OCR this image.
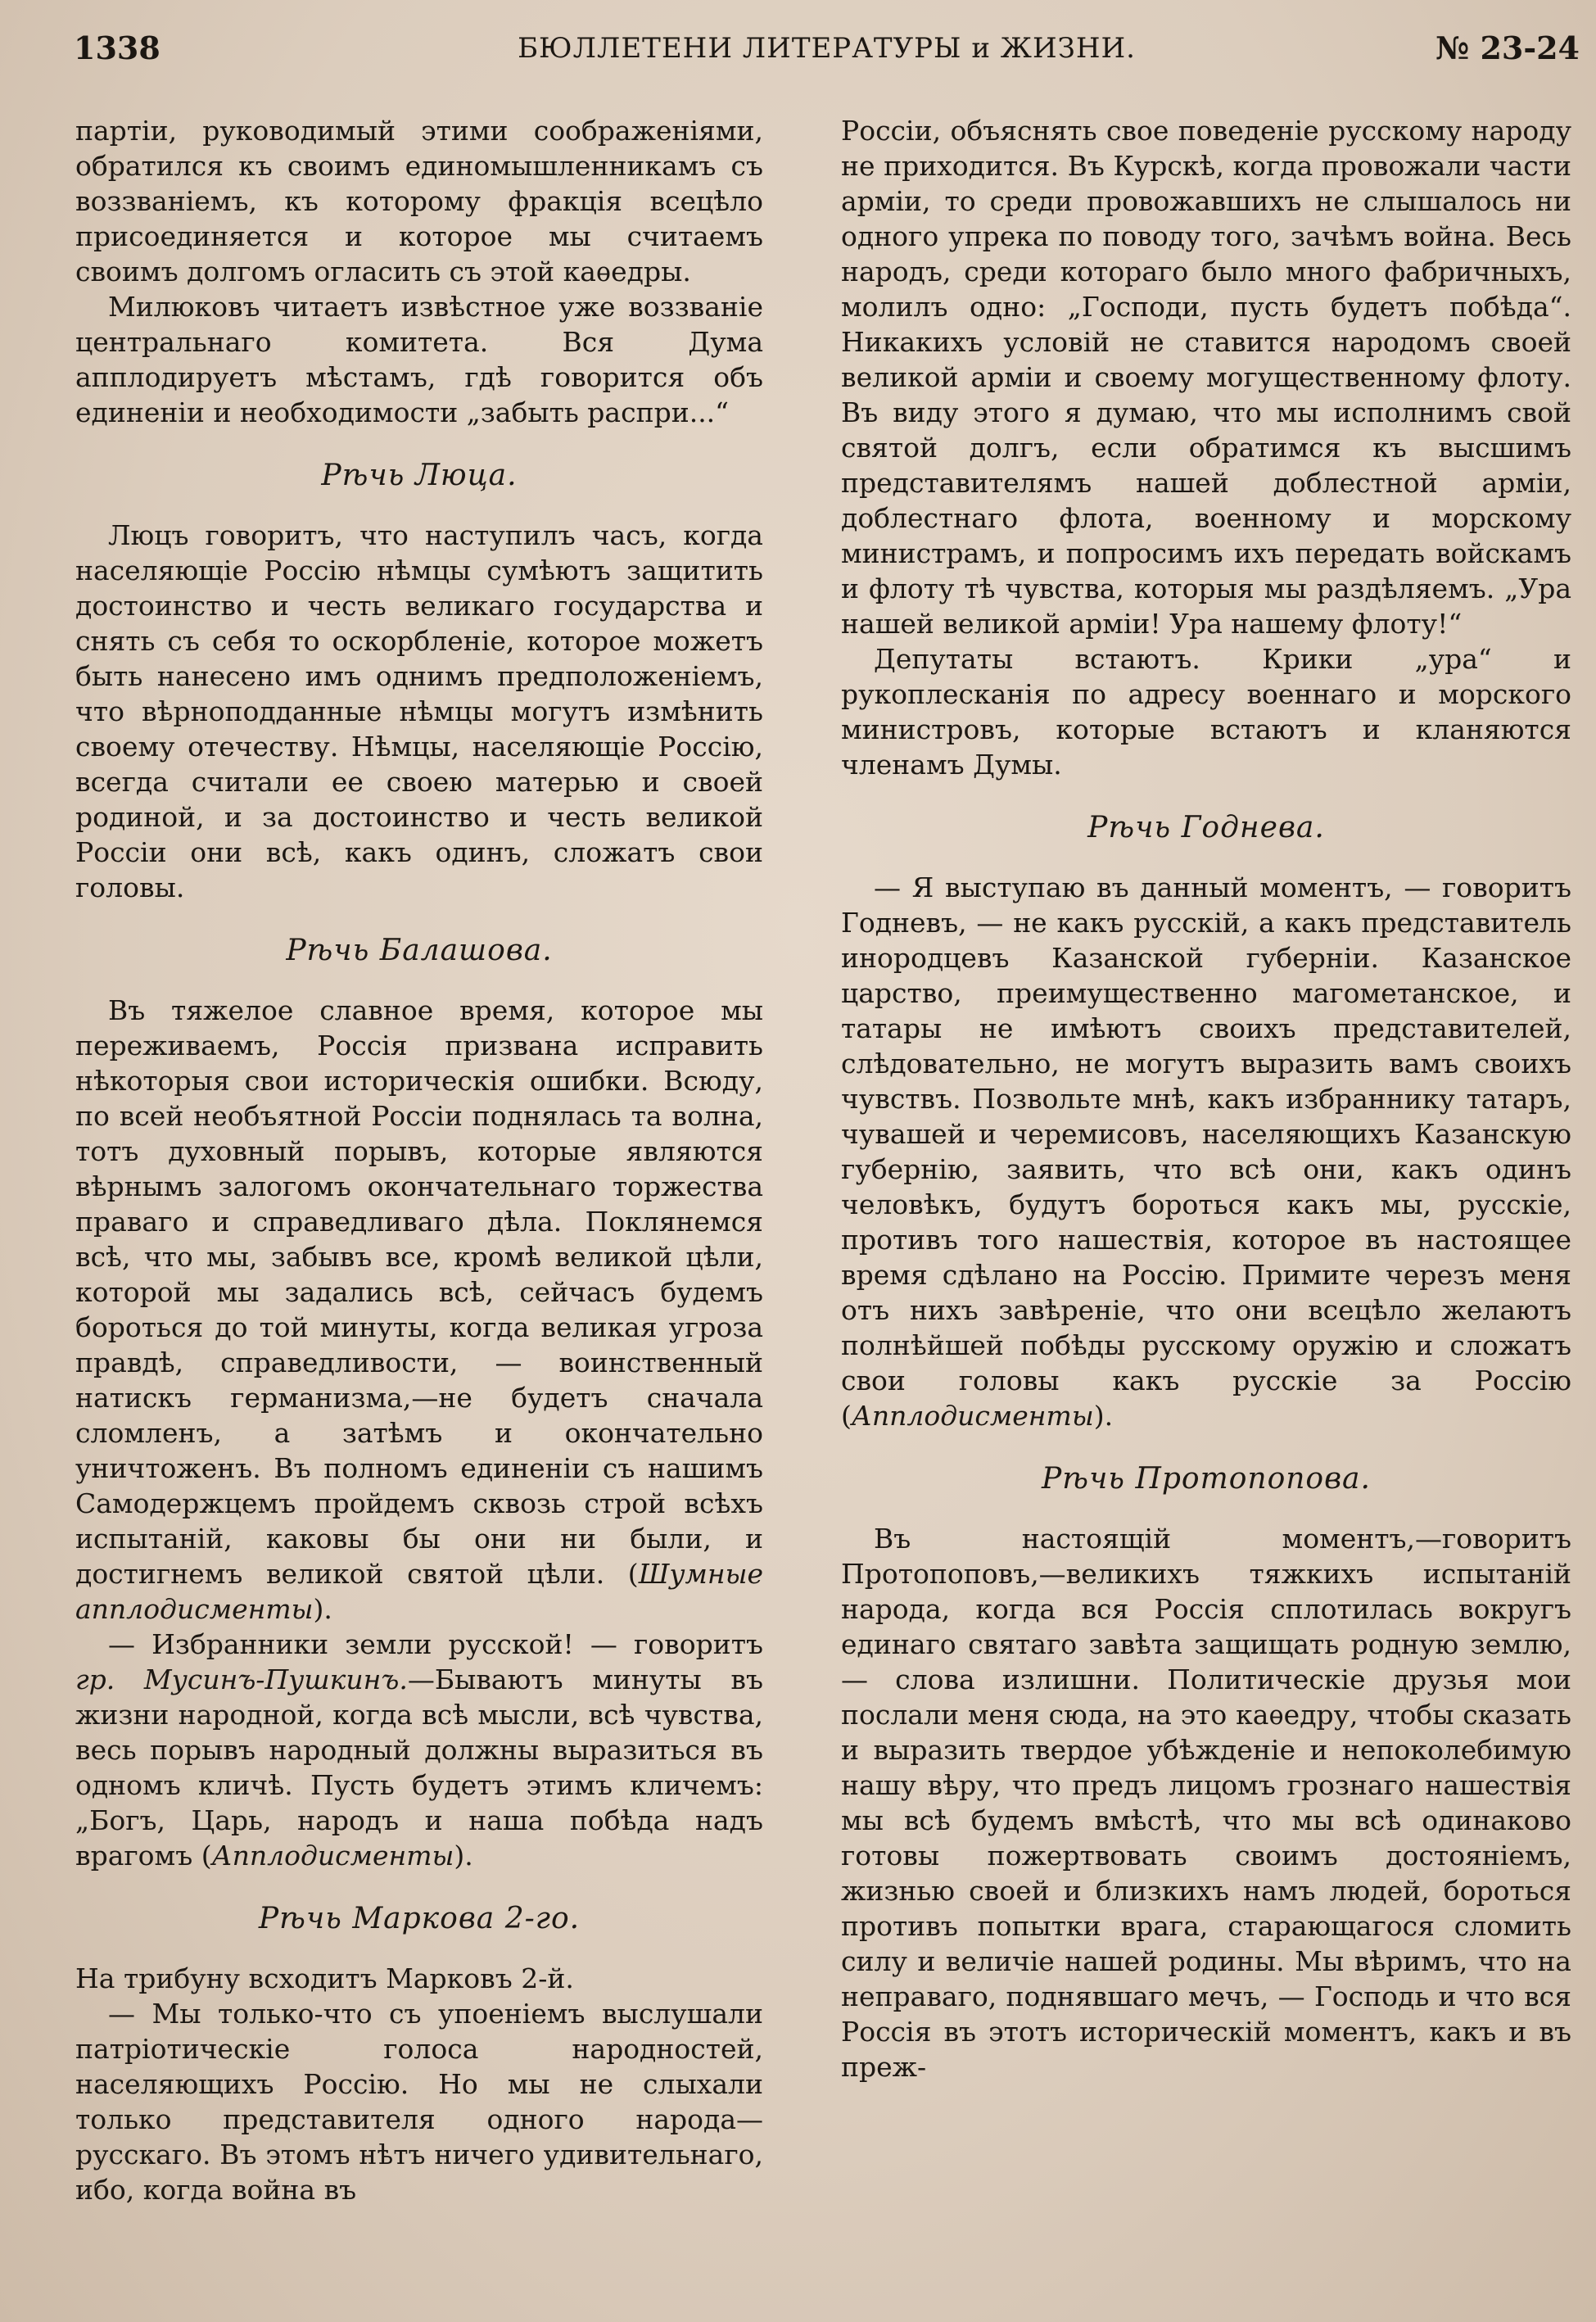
1338	БЮЛЛЕТЕНИ ЛИТЕРАТУРЫ и ЖИЗНИ.	№ 23-24

партіи, руководимый этими соображеніями, обратился къ своимъ единомышленникамъ съ воззваніемъ, къ которому фракція всецѣло присоединяется и которое мы считаемъ своимъ долгомъ огласить съ этой каѳедры.

Милюковъ читаетъ извѣстное уже воззваніе центральнаго комитета. Вся Дума апплодируетъ мѣстамъ, гдѣ говорится объ единеніи и необходимости „забыть распри...“

Рѣчь Люца.

Люцъ говоритъ, что наступилъ часъ, когда населяющіе Россію нѣмцы сумѣютъ защитить достоинство и честь великаго государства и снять съ себя то оскорбленіе, которое можетъ быть нанесено имъ однимъ предположеніемъ, что вѣрноподданные нѣмцы могутъ измѣнить своему отечеству. Нѣмцы, населяющіе Россію, всегда считали ее своею матерью и своей родиной, и за достоинство и честь великой Россіи они всѣ, какъ одинъ, сложатъ свои головы.

Рѣчь Балашова.

Въ тяжелое славное время, которое мы переживаемъ, Россія призвана исправить нѣкоторыя свои историческія ошибки. Всюду, по всей необъятной Россіи поднялась та волна, тотъ духовный порывъ, которые являются вѣрнымъ залогомъ окончательнаго торжества праваго и справедливаго дѣла. Поклянемся всѣ, что мы, забывъ все, кромѣ великой цѣли, которой мы задались всѣ, сейчасъ будемъ бороться до той минуты, когда великая угроза правдѣ, справедливости, — воинственный натискъ германизма,—не будетъ сначала сломленъ, а затѣмъ и окончательно уничтоженъ. Въ полномъ единеніи съ нашимъ Самодержцемъ пройдемъ сквозь строй всѣхъ испытаній, каковы бы они ни были, и достигнемъ великой святой цѣли. (Шумные апплодисменты).

— Избранники земли русской! — говоритъ гр. Мусинъ-Пушкинъ.—Бываютъ минуты въ жизни народной, когда всѣ мысли, всѣ чувства, весь порывъ народный должны выразиться въ одномъ кличѣ. Пусть будетъ этимъ кличемъ: „Богъ, Царь, народъ и наша побѣда надъ врагомъ (Апплодисменты).

Рѣчь Маркова 2-го.

На трибуну всходитъ Марковъ 2-й.

— Мы только-что съ упоеніемъ выслушали патріотическіе голоса народностей, населяющихъ Россію. Но мы не слыхали только представителя одного народа—русскаго. Въ этомъ нѣтъ ничего удивительнаго, ибо, когда война въ

Россіи, объяснять свое поведеніе русскому народу не приходится. Въ Курскѣ, когда провожали части арміи, то среди провожавшихъ не слышалось ни одного упрека по поводу того, зачѣмъ война. Весь народъ, среди котораго было много фабричныхъ, молилъ одно: „Господи, пусть будетъ побѣда“. Никакихъ условій не ставится народомъ своей великой арміи и своему могущественному флоту. Въ виду этого я думаю, что мы исполнимъ свой святой долгъ, если обратимся къ высшимъ представителямъ нашей доблестной арміи, доблестнаго флота, военному и морскому министрамъ, и попросимъ ихъ передать войскамъ и флоту тѣ чувства, которыя мы раздѣляемъ. „Ура нашей великой арміи! Ура нашему флоту!“

Депутаты встаютъ. Крики „ура“ и рукоплесканія по адресу военнаго и морского министровъ, которые встаютъ и кланяются членамъ Думы.

Рѣчь Годнева.

— Я выступаю въ данный моментъ, — говоритъ Годневъ, — не какъ русскій, а какъ представитель инородцевъ Казанской губерніи. Казанское царство, преимущественно магометанское, и татары не имѣютъ своихъ представителей, слѣдовательно, не могутъ выразить вамъ своихъ чувствъ. Позвольте мнѣ, какъ избраннику татаръ, чувашей и черемисовъ, населяющихъ Казанскую губернію, заявить, что всѣ они, какъ одинъ человѣкъ, будутъ бороться какъ мы, русскіе, противъ того нашествія, которое въ настоящее время сдѣлано на Россію. Примите черезъ меня отъ нихъ завѣреніе, что они всецѣло желаютъ полнѣйшей побѣды русскому оружію и сложатъ свои головы какъ русскіе за Россію (Апплодисменты).

Рѣчь Протопопова.

Въ настоящій моментъ,—говоритъ Протопоповъ,—великихъ тяжкихъ испытаній народа, когда вся Россія сплотилась вокругъ единаго святаго завѣта защищать родную землю,— слова излишни. Политическіе друзья мои послали меня сюда, на это каѳедру, чтобы сказать и выразить твердое убѣжденіе и непоколебимую нашу вѣру, что предъ лицомъ грознаго нашествія мы всѣ будемъ вмѣстѣ, что мы всѣ одинаково готовы пожертвовать своимъ достояніемъ, жизнью своей и близкихъ намъ людей, бороться противъ попытки врага, старающагося сломить силу и величіе нашей родины. Мы вѣримъ, что на неправаго, поднявшаго мечъ, — Господь и что вся Россія въ этотъ историческій моментъ, какъ и въ преж-
